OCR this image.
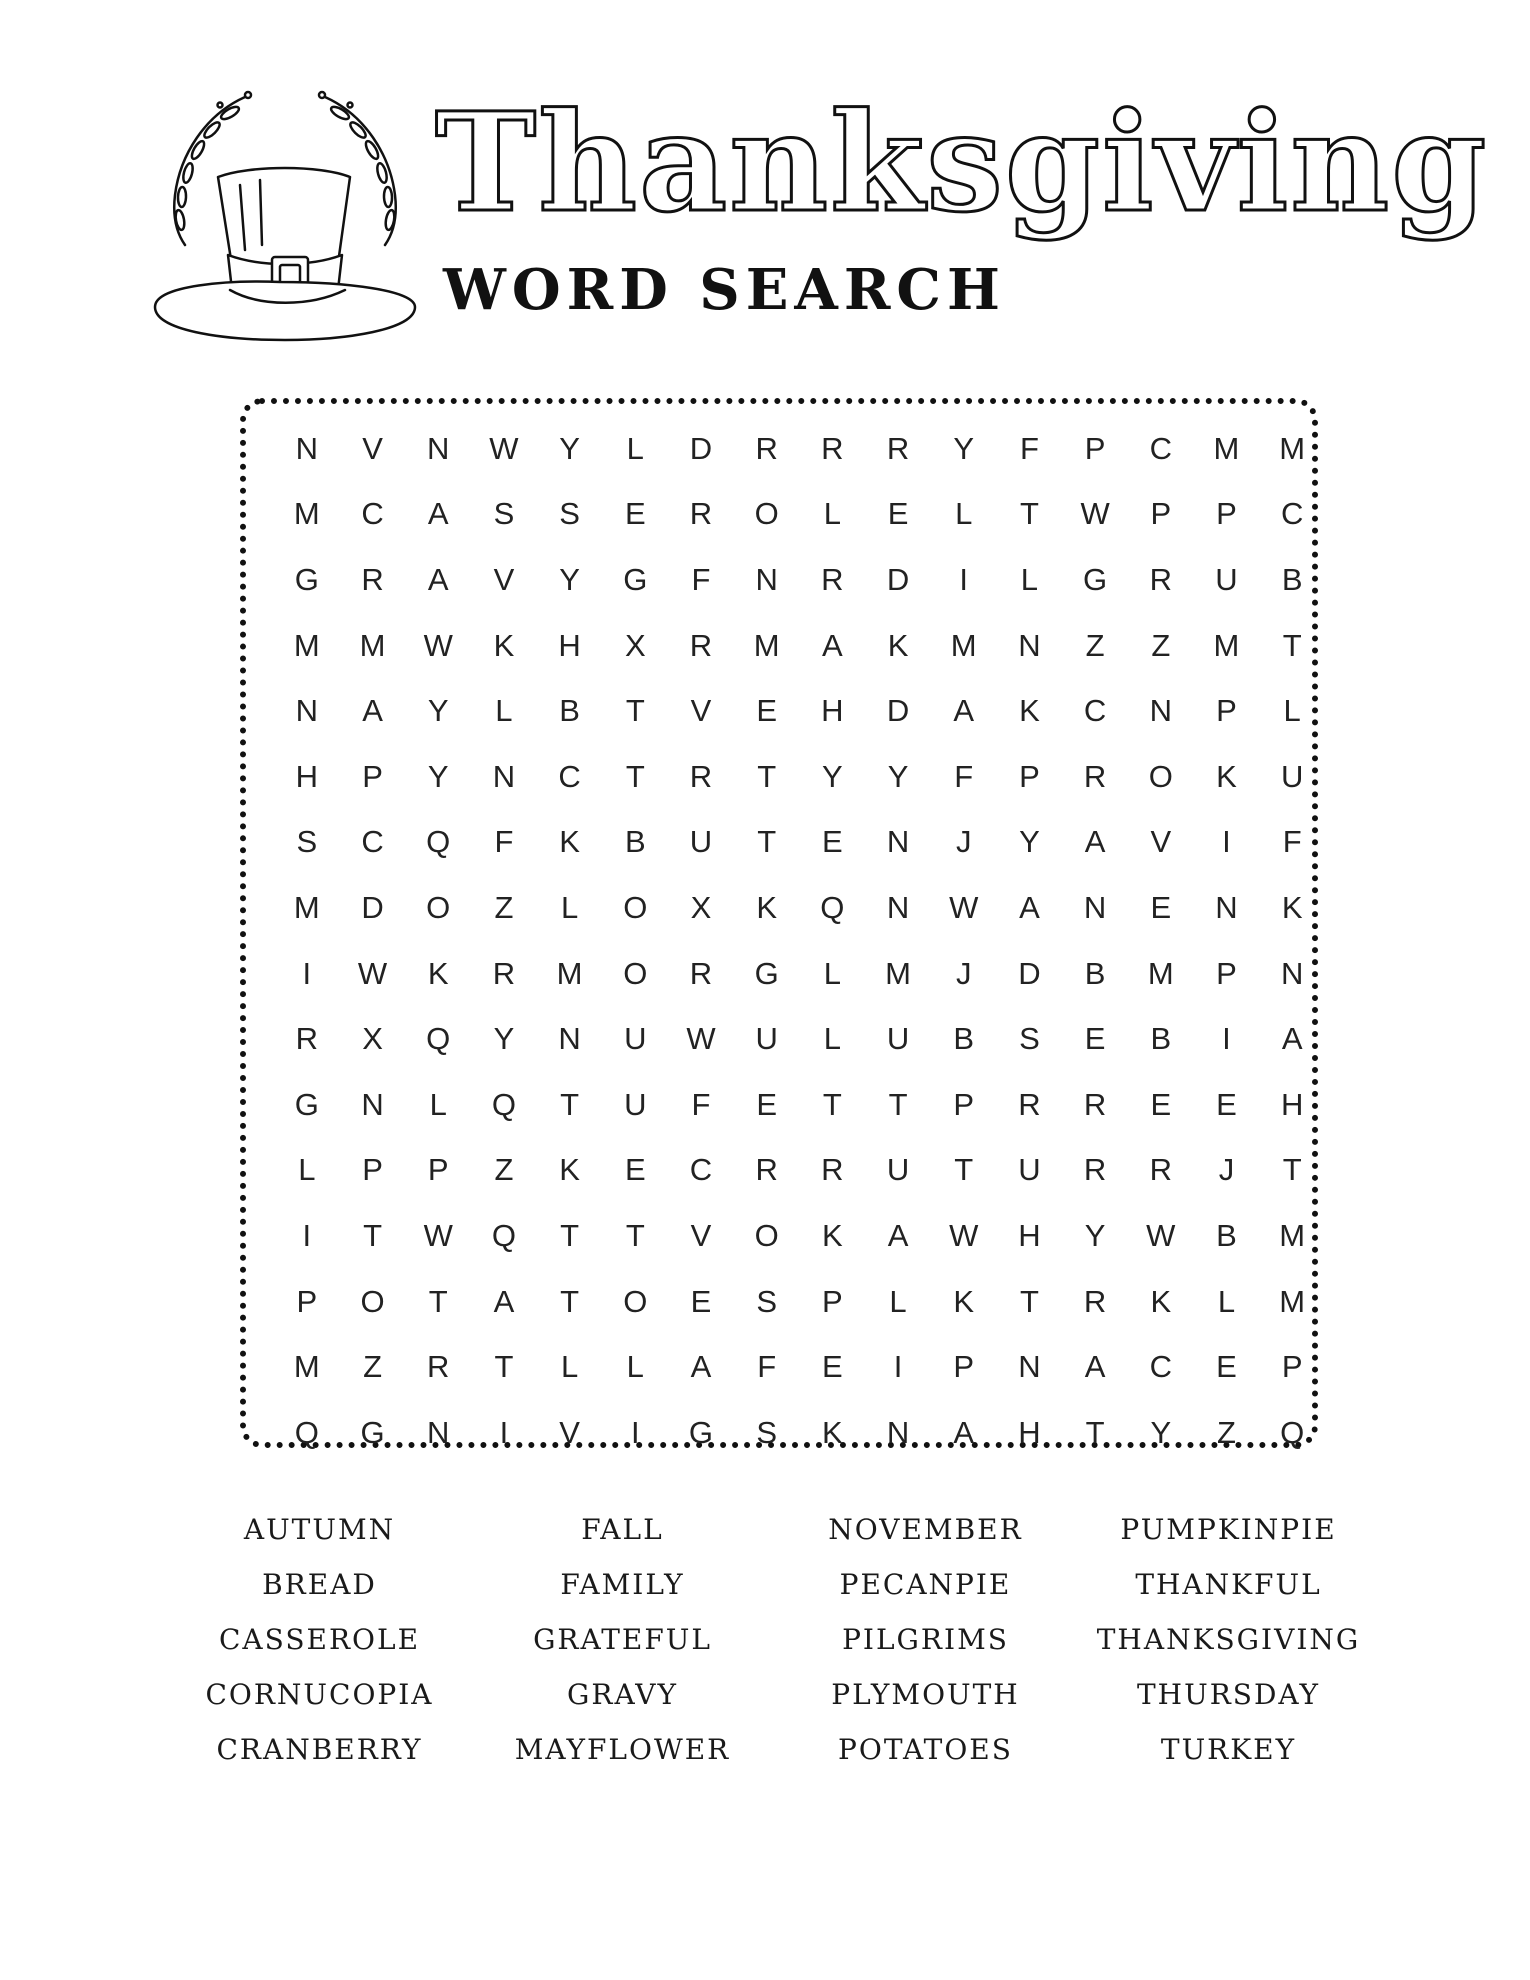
Thanksgiving
WORD SEARCH
N	V	N	W	Y	L	D	R	R	R	Y	F	P	C	M	M
M	C	A	S	S	E	R	O	L	E	L	T	W	P	P	C
G	R	A	V	Y	G	F	N	R	D	I	L	G	R	U	B
M	M	W	K	H	X	R	M	A	K	M	N	Z	Z	M	T
N	A	Y	L	B	T	V	E	H	D	A	K	C	N	P	L
H	P	Y	N	C	T	R	T	Y	Y	F	P	R	O	K	U
S	C	Q	F	K	B	U	T	E	N	J	Y	A	V	I	F
M	D	O	Z	L	O	X	K	Q	N	W	A	N	E	N	K
I	W	K	R	M	O	R	G	L	M	J	D	B	M	P	N
R	X	Q	Y	N	U	W	U	L	U	B	S	E	B	I	A
G	N	L	Q	T	U	F	E	T	T	P	R	R	E	E	H
L	P	P	Z	K	E	C	R	R	U	T	U	R	R	J	T
I	T	W	Q	T	T	V	O	K	A	W	H	Y	W	B	M
P	O	T	A	T	O	E	S	P	L	K	T	R	K	L	M
M	Z	R	T	L	L	A	F	E	I	P	N	A	C	E	P
Q	G	N	I	V	I	G	S	K	N	A	H	T	Y	Z	Q
AUTUMN
BREAD
CASSEROLE
CORNUCOPIA
CRANBERRY
FALL
FAMILY
GRATEFUL
GRAVY
MAYFLOWER
NOVEMBER
PECANPIE
PILGRIMS
PLYMOUTH
POTATOES
PUMPKINPIE
THANKFUL
THANKSGIVING
THURSDAY
TURKEY
